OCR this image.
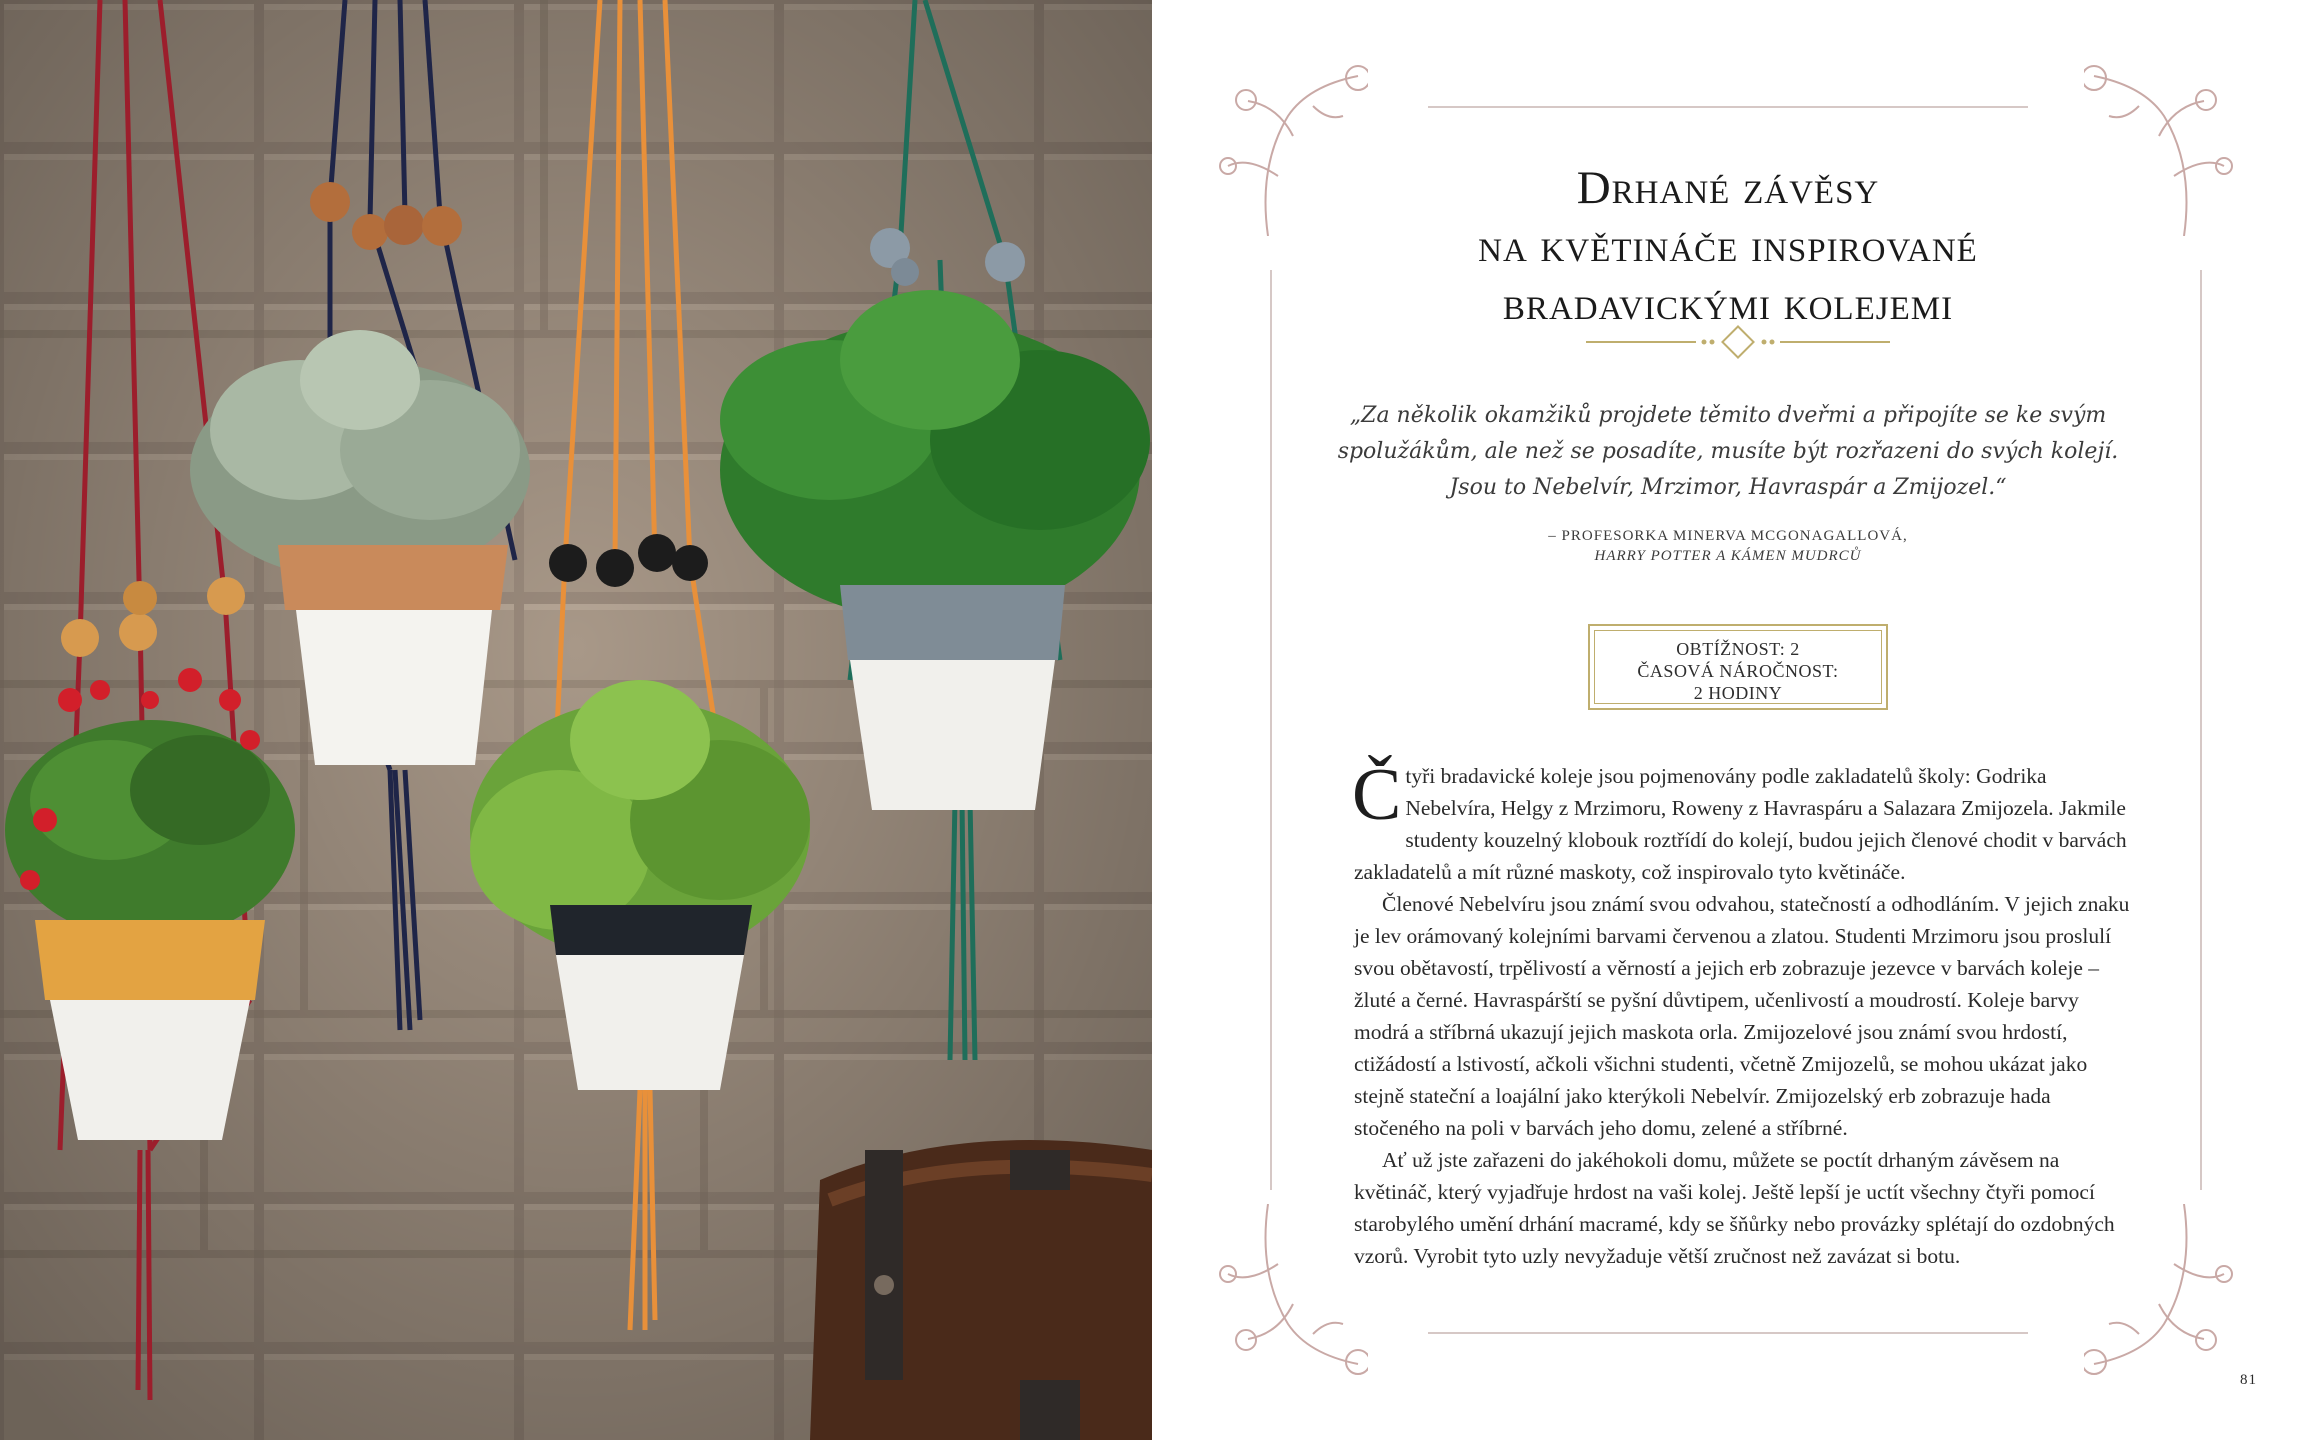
Drhané závěsy
na květináče inspirované
bradavickými kolejemi
„Za několik okamžiků projdete těmito dveřmi a připojíte se ke svým
spolužákům, ale než se posadíte, musíte být rozřazeni do svých kolejí.
Jsou to Nebelvír, Mrzimor, Havraspár a Zmijozel.“
– PROFESORKA MINERVA MCGONAGALLOVÁ,
HARRY POTTER A KÁMEN MUDRCŮ
OBTÍŽNOST: 2
ČASOVÁ NÁROČNOST:
2 HODINY

Čtyři bradavické koleje jsou pojmenovány podle zakladatelů školy: Godrika Nebelvíra, Helgy z Mrzimoru, Roweny z Havraspáru a Salazara Zmijozela. Jakmile studenty kouzelný klobouk roztřídí do kolejí, budou jejich členové chodit v barvách zakladatelů a mít různé maskoty, což inspirovalo tyto květináče.

Členové Nebelvíru jsou známí svou odvahou, statečností a odhodláním. V jejich znaku je lev orámovaný kolejními barvami červenou a zlatou. Studenti Mrzimoru jsou proslulí svou obětavostí, trpělivostí a věrností a jejich erb zobrazuje jezevce v barvách koleje – žluté a černé. Havraspárští se pyšní důvtipem, učenlivostí a moudrostí. Koleje barvy modrá a stříbrná ukazují jejich maskota orla. Zmijozelové jsou známí svou hrdostí, ctižádostí a lstivostí, ačkoli všichni studenti, včetně Zmijozelů, se mohou ukázat jako stejně stateční a loajální jako kterýkoli Nebelvír. Zmijozelský erb zobrazuje hada stočeného na poli v barvách jeho domu, zelené a stříbrné.

Ať už jste zařazeni do jakéhokoli domu, můžete se poctít drhaným závěsem na květináč, který vyjadřuje hrdost na vaši kolej. Ještě lepší je uctít všechny čtyři pomocí starobylého umění drhání macramé, kdy se šňůrky nebo provázky splétají do ozdobných vzorů. Vyrobit tyto uzly nevyžaduje větší zručnost než zavázat si botu.

81
